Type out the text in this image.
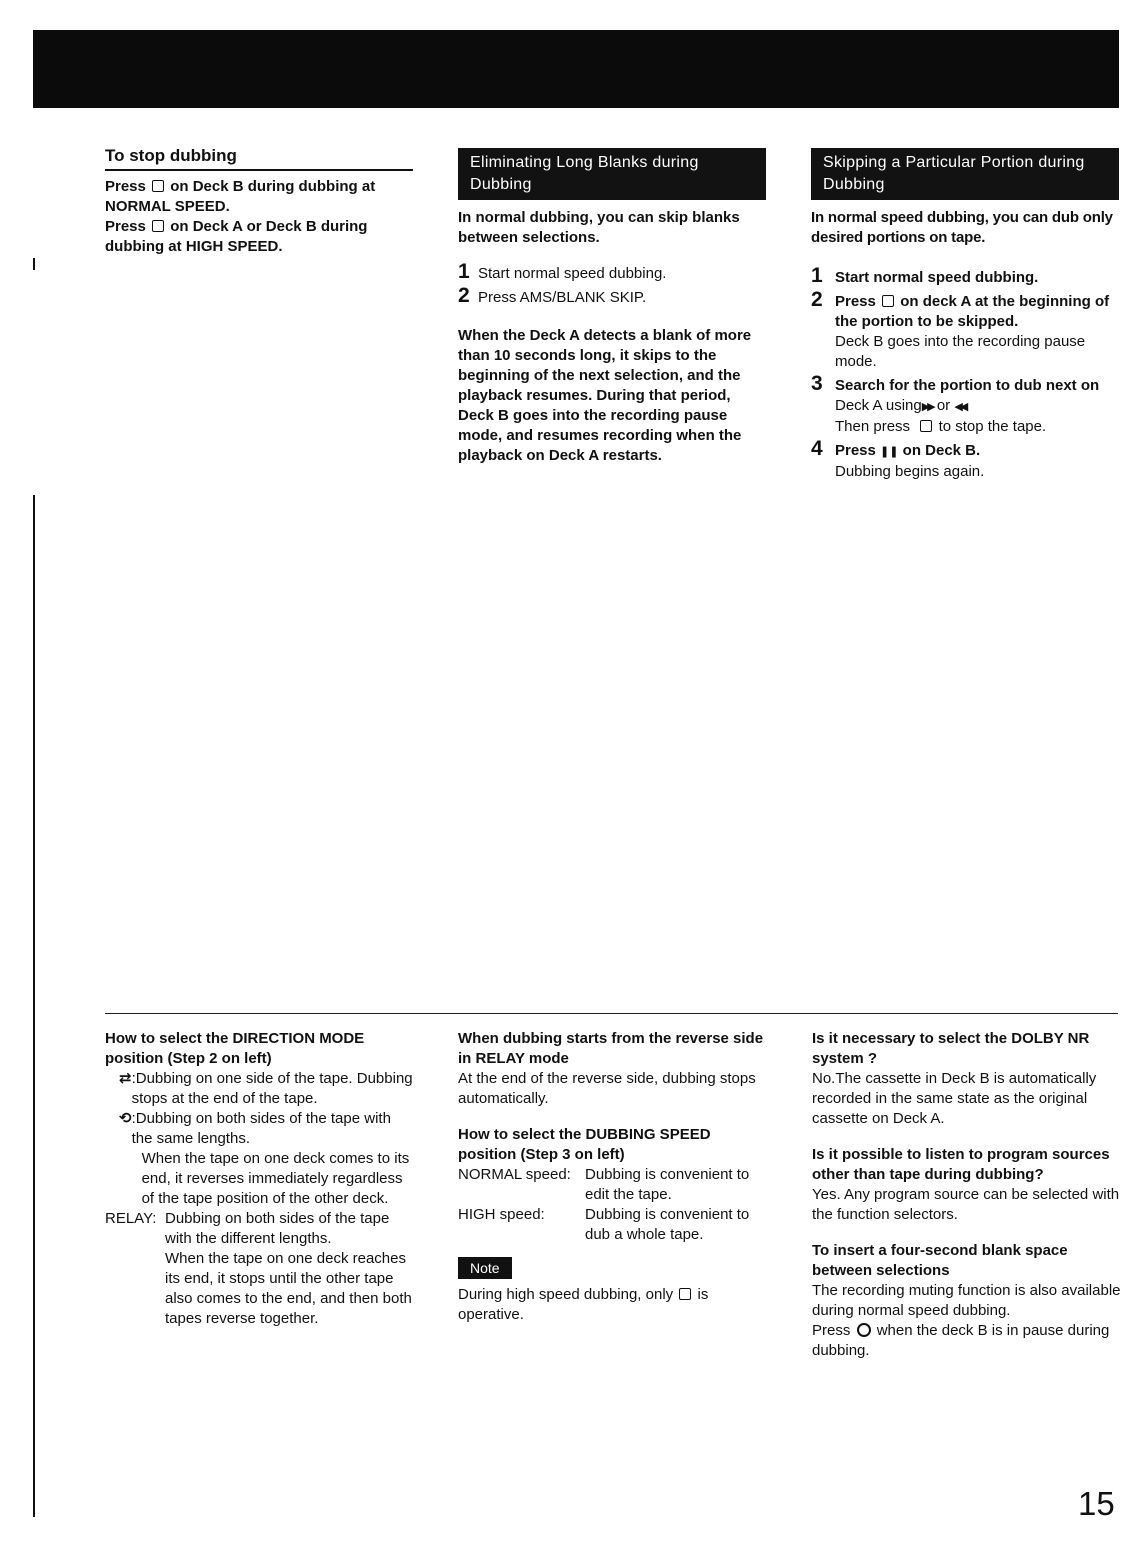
To stop dubbing
Press on Deck B during dubbing at
NORMAL SPEED.
Press on Deck A or Deck B during
dubbing at HIGH SPEED.
Eliminating Long Blanks during Dubbing
In normal dubbing, you can skip blanks between selections.
1 Start normal speed dubbing.
2 Press AMS/BLANK SKIP.
When the Deck A detects a blank of more than 10 seconds long, it skips to the beginning of the next selection, and the playback resumes. During that period, Deck B goes into the recording pause mode, and resumes recording when the playback on Deck A restarts.
Skipping a Particular Portion during Dubbing
In normal speed dubbing, you can dub only desired portions on tape.
1 Start normal speed dubbing.
2 Press on deck A at the beginning of the portion to be skipped.
Deck B goes into the recording pause mode.
3 Search for the portion to dub next on
Deck A using▶▶ or ◀◀.
Then press to stop the tape.
4 Press ❚❚ on Deck B.
Dubbing begins again.
How to select the DIRECTION MODE position (Step 2 on left)
⇄ :Dubbing on one side of the tape. Dubbing stops at the end of the tape.
⟲ :Dubbing on both sides of the tape with the same lengths.

When the tape on one deck comes to its end, it reverses immediately regardless of the tape position of the other deck.
RELAY: Dubbing on both sides of the tape with the different lengths.
When the tape on one deck reaches its end, it stops until the other tape also comes to the end, and then both tapes reverse together.
When dubbing starts from the reverse side in RELAY mode
At the end of the reverse side, dubbing stops automatically.
How to select the DUBBING SPEED position (Step 3 on left)
NORMAL speed: Dubbing is convenient to edit the tape.
HIGH speed:	Dubbing is convenient to dub a whole tape.
Note
During high speed dubbing, only is operative.
Is it necessary to select the DOLBY NR system ?
No.The cassette in Deck B is automatically recorded in the same state as the original cassette on Deck A.
Is it possible to listen to program sources other than tape during dubbing?
Yes. Any program source can be selected with the function selectors.
To insert a four-second blank space between selections
The recording muting function is also available during normal speed dubbing.
Press when the deck B is in pause during dubbing.
15
